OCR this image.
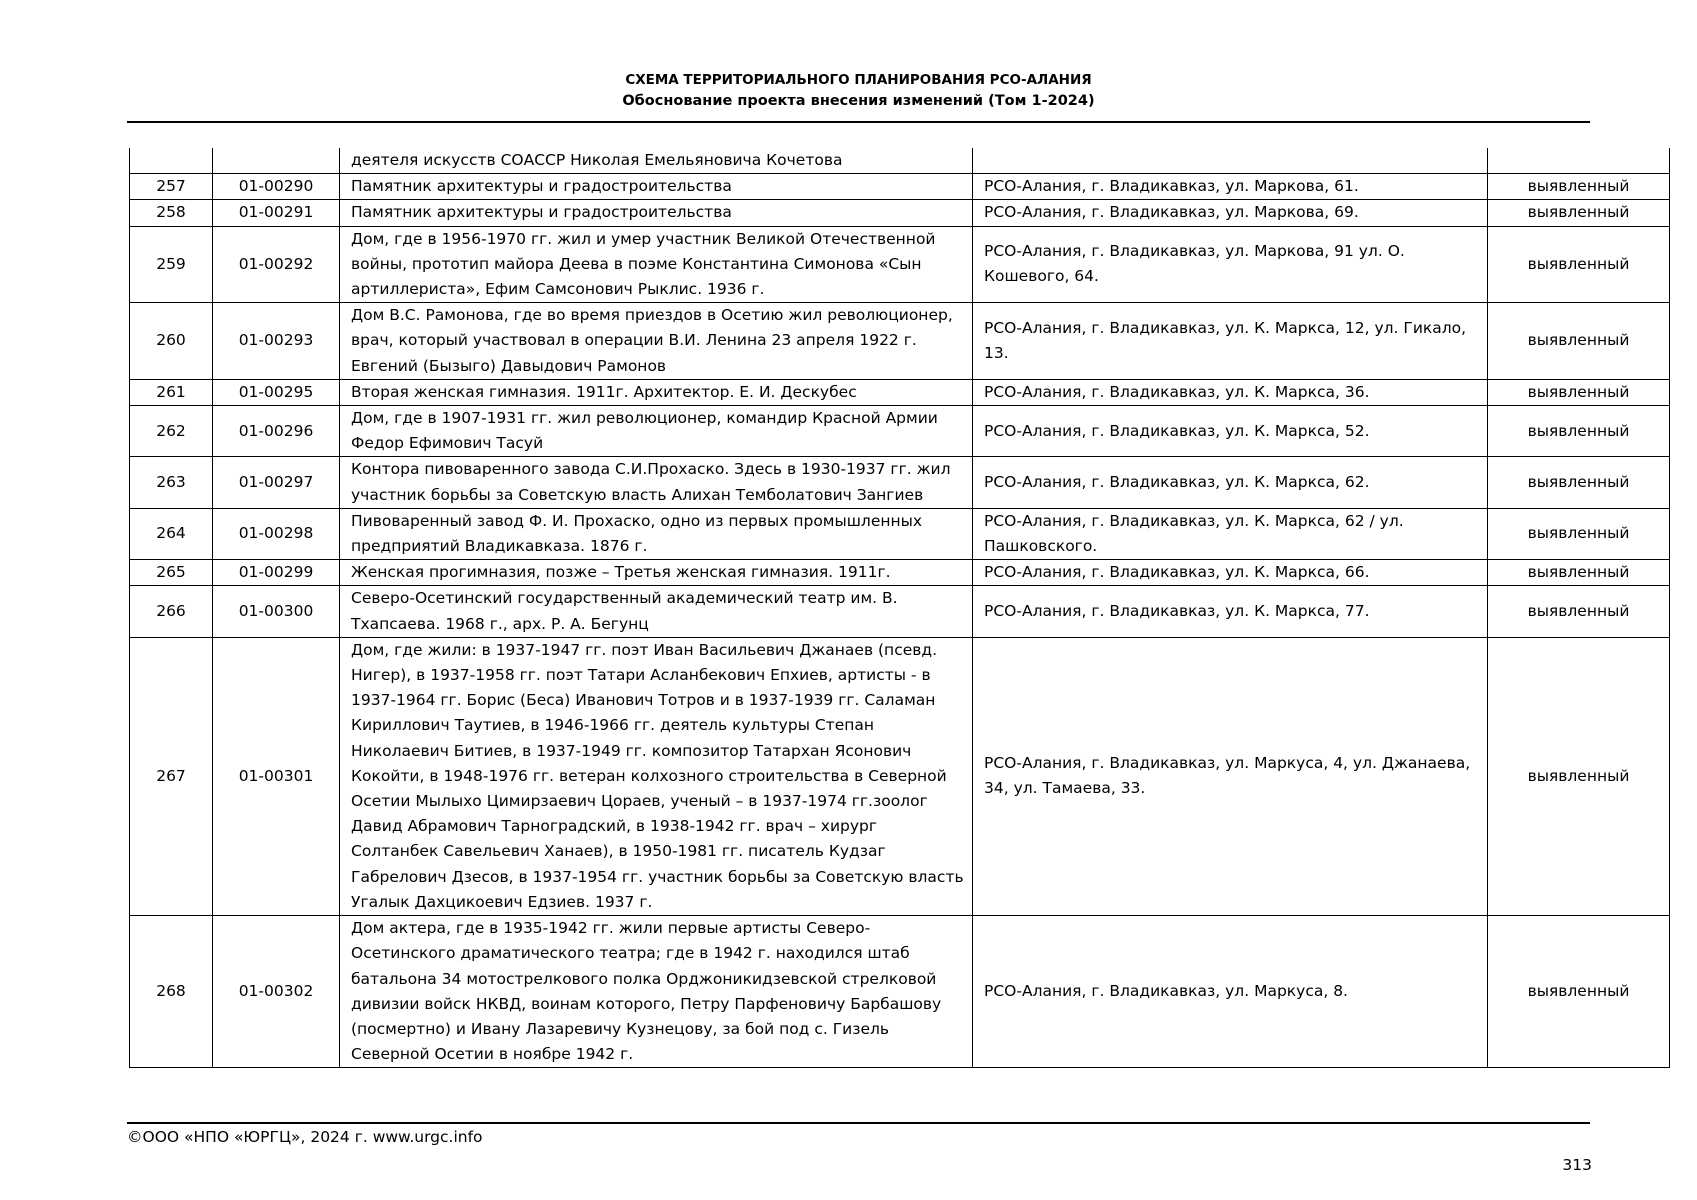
СХЕМА ТЕРРИТОРИАЛЬНОГО ПЛАНИРОВАНИЯ РСО-АЛАНИЯ
Обоснование проекта внесения изменений (Том 1-2024)
		деятеля искусств СОАССР Николая Емельяновича Кочетова		
257	01-00290	Памятник архитектуры и градостроительства	РСО-Алания, г. Владикавказ, ул. Маркова, 61.	выявленный
258	01-00291	Памятник архитектуры и градостроительства	РСО-Алания, г. Владикавказ, ул. Маркова, 69.	выявленный
259	01-00292	Дом, где в 1956-1970 гг. жил и умер участник Великой Отечественной войны, прототип майора Деева в поэме Константина Симонова «Сын артиллериста», Ефим Самсонович Рыклис. 1936 г.	РСО-Алания, г. Владикавказ, ул. Маркова, 91 ул. О. Кошевого, 64.	выявленный
260	01-00293	Дом В.С. Рамонова, где во время приездов в Осетию жил революционер, врач, который участвовал в операции В.И. Ленина 23 апреля 1922 г. Евгений (Бызыго) Давыдович Рамонов	РСО-Алания, г. Владикавказ, ул. К. Маркса, 12, ул. Гикало, 13.	выявленный
261	01-00295	Вторая женская гимназия. 1911г. Архитектор. Е. И. Дескубес	РСО-Алания, г. Владикавказ, ул. К. Маркса, 36.	выявленный
262	01-00296	Дом, где в 1907-1931 гг. жил революционер, командир Красной Армии Федор Ефимович Тасуй	РСО-Алания, г. Владикавказ, ул. К. Маркса, 52.	выявленный
263	01-00297	Контора пивоваренного завода С.И.Прохаско. Здесь в 1930-1937 гг. жил участник борьбы за Советскую власть Алихан Темболатович Зангиев	РСО-Алания, г. Владикавказ, ул. К. Маркса, 62.	выявленный
264	01-00298	Пивоваренный завод Ф. И. Прохаско, одно из первых промышленных предприятий Владикавказа. 1876 г.	РСО-Алания, г. Владикавказ, ул. К. Маркса, 62 / ул. Пашковского.	выявленный
265	01-00299	Женская прогимназия, позже – Третья женская гимназия. 1911г.	РСО-Алания, г. Владикавказ, ул. К. Маркса, 66.	выявленный
266	01-00300	Северо-Осетинский государственный академический театр им. В. Тхапсаева. 1968 г., арх. Р. А. Бегунц	РСО-Алания, г. Владикавказ, ул. К. Маркса, 77.	выявленный
267	01-00301	Дом, где жили: в 1937-1947 гг. поэт Иван Васильевич Джанаев (псевд. Нигер), в 1937-1958 гг. поэт Татари Асланбекович Епхиев, артисты - в 1937-1964 гг. Борис (Беса) Иванович Тотров и в 1937-1939 гг. Саламан Кириллович Таутиев, в 1946-1966 гг. деятель культуры Степан Николаевич Битиев, в 1937-1949 гг. композитор Татархан Ясонович Кокойти, в 1948-1976 гг. ветеран колхозного строительства в Северной Осетии Мылыхо Цимирзаевич Цораев, ученый – в 1937-1974 гг.зоолог Давид Абрамович Тарноградский, в 1938-1942 гг. врач – хирург Солтанбек Савельевич Ханаев), в 1950-1981 гг. писатель Кудзаг Габрелович Дзесов, в 1937-1954 гг. участник борьбы за Советскую власть Угалык Дахцикоевич Едзиев. 1937 г.	РСО-Алания, г. Владикавказ, ул. Маркуса, 4, ул. Джанаева, 34, ул. Тамаева, 33.	выявленный
268	01-00302	Дом актера, где в 1935-1942 гг. жили первые артисты Северо-Осетинского драматического театра; где в 1942 г. находился штаб батальона 34 мотострелкового полка Орджоникидзевской стрелковой дивизии войск НКВД, воинам которого, Петру Парфеновичу Барбашову (посмертно) и Ивану Лазаревичу Кузнецову, за бой под с. Гизель Северной Осетии в ноябре 1942 г.	РСО-Алания, г. Владикавказ, ул. Маркуса, 8.	выявленный
©ООО «НПО «ЮРГЦ», 2024 г. www.urgc.info
313
